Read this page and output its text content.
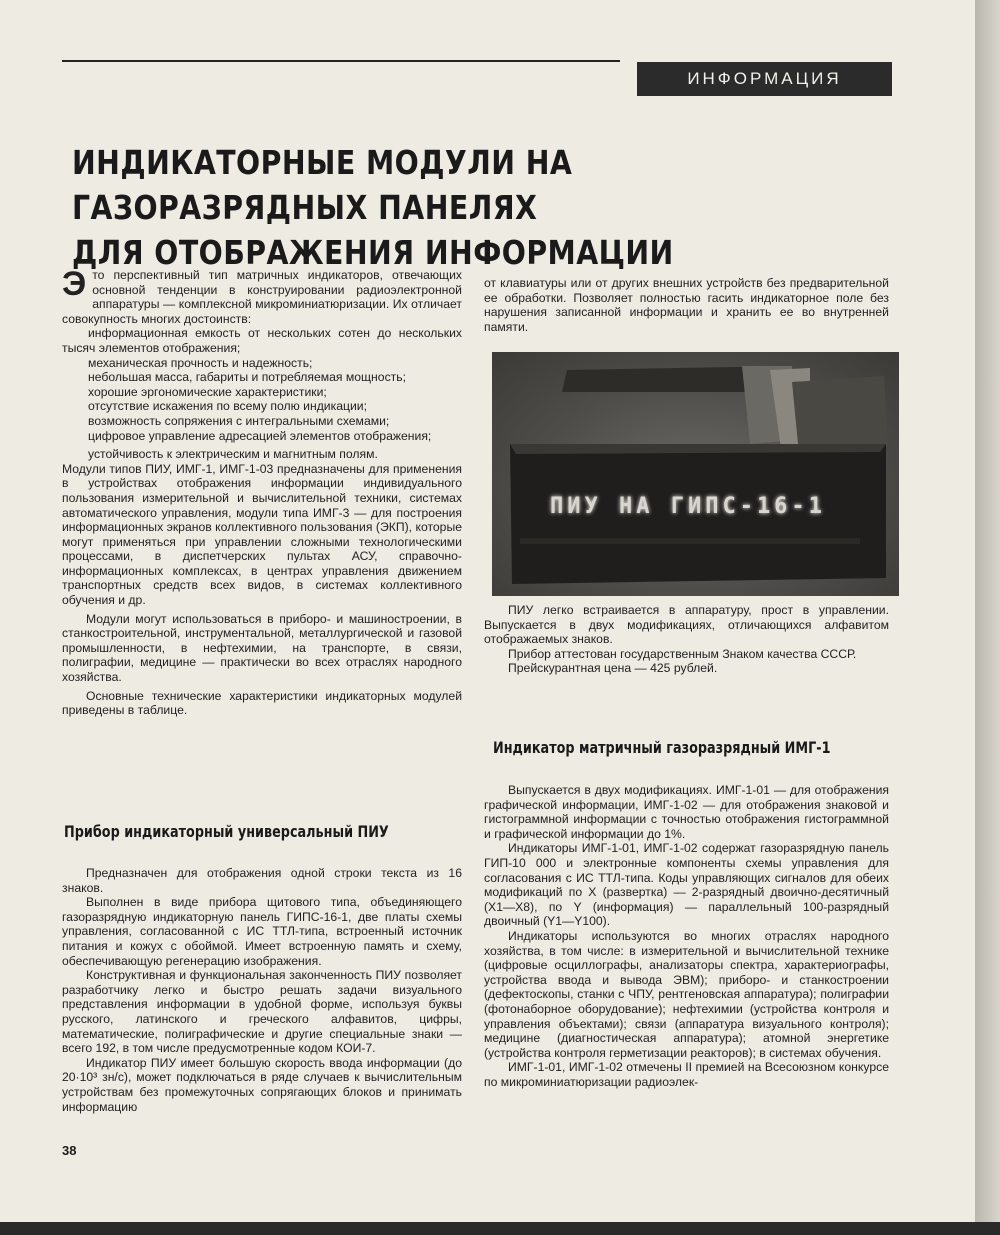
ИНФОРМАЦИЯ
ИНДИКАТОРНЫЕ МОДУЛИ НА ГАЗОРАЗРЯДНЫХ ПАНЕЛЯХ
ДЛЯ ОТОБРАЖЕНИЯ ИНФОРМАЦИИ

Это перспективный тип матричных индикаторов, отвечающих основной тенденции в конструировании радиоэлектронной аппаратуры — комплексной микроминиатюризации. Их отличает совокупность многих достоинств:

информационная емкость от нескольких сотен до нескольких тысяч элементов отображения;

механическая прочность и надежность;

небольшая масса, габариты и потребляемая мощность;

хорошие эргономические характеристики;

отсутствие искажения по всему полю индикации;

возможность сопряжения с интегральными схемами;

цифровое управление адресацией элементов отображения;

устойчивость к электрическим и магнитным полям.

Модули типов ПИУ, ИМГ-1, ИМГ-1-03 предназначены для применения в устройствах отображения информации индивидуального пользования измерительной и вычислительной техники, системах автоматического управления, модули типа ИМГ-3 — для построения информационных экранов коллективного пользования (ЭКП), которые могут применяться при управлении сложными технологическими процессами, в диспетчерских пультах АСУ, справочно-информационных комплексах, в центрах управления движением транспортных средств всех видов, в системах коллективного обучения и др.

Модули могут использоваться в приборо- и машиностроении, в станкостроительной, инструментальной, металлургической и газовой промышленности, в нефтехимии, на транспорте, в связи, полиграфии, медицине — практически во всех отраслях народного хозяйства.

Основные технические характеристики индикаторных модулей приведены в таблице.

Прибор индикаторный универсальный ПИУ

Предназначен для отображения одной строки текста из 16 знаков.

Выполнен в виде прибора щитового типа, объединяющего газоразрядную индикаторную панель ГИПС-16-1, две платы схемы управления, согласованной с ИС ТТЛ-типа, встроенный источник питания и кожух с обоймой. Имеет встроенную память и схему, обеспечивающую регенерацию изображения.

Конструктивная и функциональная законченность ПИУ позволяет разработчику легко и быстро решать задачи визуального представления информации в удобной форме, используя буквы русского, латинского и греческого алфавитов, цифры, математические, полиграфические и другие специальные знаки — всего 192, в том числе предусмотренные кодом КОИ-7.

Индикатор ПИУ имеет большую скорость ввода информации (до 20·10³ зн/с), может подключаться в ряде случаев к вычислительным устройствам без промежуточных сопрягающих блоков и принимать информацию

38

от клавиатуры или от других внешних устройств без предварительной ее обработки. Позволяет полностью гасить индикаторное поле без нарушения записанной информации и хранить ее во внутренней памяти.

ПИУ НА ГИПС-16-1

ПИУ легко встраивается в аппаратуру, прост в управлении. Выпускается в двух модификациях, отличающихся алфавитом отображаемых знаков.

Прибор аттестован государственным Знаком качества СССР.

Прейскурантная цена — 425 рублей.

Индикатор матричный газоразрядный ИМГ-1

Выпускается в двух модификациях. ИМГ-1-01 — для отображения графической информации, ИМГ-1-02 — для отображения знаковой и гистограммной информации с точностью отображения гистограммной и графической информации до 1%.

Индикаторы ИМГ-1-01, ИМГ-1-02 содержат газоразрядную панель ГИП-10 000 и электронные компоненты схемы управления для согласования с ИС ТТЛ-типа. Коды управляющих сигналов для обеих модификаций по X (развертка) — 2-разрядный двоично-десятичный (X1—X8), по Y (информация) — параллельный 100-разрядный двоичный (Y1—Y100).

Индикаторы используются во многих отраслях народного хозяйства, в том числе: в измерительной и вычислительной технике (цифровые осциллографы, анализаторы спектра, характериографы, устройства ввода и вывода ЭВМ); приборо- и станкостроении (дефектоскопы, станки с ЧПУ, рентгеновская аппаратура); полиграфии (фотонаборное оборудование); нефтехимии (устройства контроля и управления объектами); связи (аппаратура визуального контроля); медицине (диагностическая аппаратура); атомной энергетике (устройства контроля герметизации реакторов); в системах обучения.

ИМГ-1-01, ИМГ-1-02 отмечены II премией на Всесоюзном конкурсе по микроминиатюризации радиоэлек-
